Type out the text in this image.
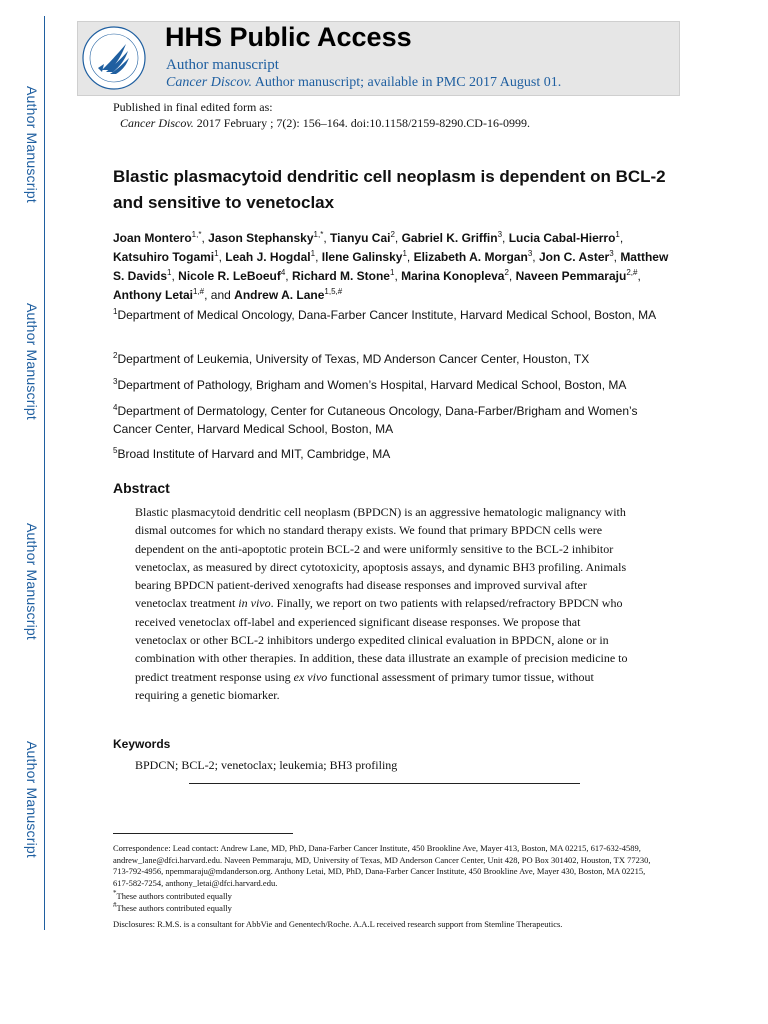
Author Manuscript
Author Manuscript
Author Manuscript
Author Manuscript
HHS Public Access
Author manuscript
Cancer Discov. Author manuscript; available in PMC 2017 August 01.
Published in final edited form as:
Cancer Discov. 2017 February ; 7(2): 156–164. doi:10.1158/2159-8290.CD-16-0999.
Blastic plasmacytoid dendritic cell neoplasm is dependent on BCL-2 and sensitive to venetoclax
Joan Montero$^{1,*}$, Jason Stephansky$^{1,*}$, Tianyu Cai$^2$, Gabriel K. Griffin$^3$, Lucia Cabal-Hierro$^1$, Katsuhiro Togami$^1$, Leah J. Hogdal$^1$, Ilene Galinsky$^1$, Elizabeth A. Morgan$^3$, Jon C. Aster$^3$, Matthew S. Davids$^1$, Nicole R. LeBoeuf$^4$, Richard M. Stone$^1$, Marina Konopleva$^2$, Naveen Pemmaraju$^{2,\#}$, Anthony Letai$^{1,\#}$, and Andrew A. Lane$^{1,5,\#}$
$^1$Department of Medical Oncology, Dana-Farber Cancer Institute, Harvard Medical School, Boston, MA
$^2$Department of Leukemia, University of Texas, MD Anderson Cancer Center, Houston, TX
$^3$Department of Pathology, Brigham and Women’s Hospital, Harvard Medical School, Boston, MA
$^4$Department of Dermatology, Center for Cutaneous Oncology, Dana-Farber/Brigham and Women’s Cancer Center, Harvard Medical School, Boston, MA
$^5$Broad Institute of Harvard and MIT, Cambridge, MA
Abstract
Blastic plasmacytoid dendritic cell neoplasm (BPDCN) is an aggressive hematologic malignancy with dismal outcomes for which no standard therapy exists. We found that primary BPDCN cells were dependent on the anti-apoptotic protein BCL-2 and were uniformly sensitive to the BCL-2 inhibitor venetoclax, as measured by direct cytotoxicity, apoptosis assays, and dynamic BH3 profiling. Animals bearing BPDCN patient-derived xenografts had disease responses and improved survival after venetoclax treatment in vivo. Finally, we report on two patients with relapsed/refractory BPDCN who received venetoclax off-label and experienced significant disease responses. We propose that venetoclax or other BCL-2 inhibitors undergo expedited clinical evaluation in BPDCN, alone or in combination with other therapies. In addition, these data illustrate an example of precision medicine to predict treatment response using ex vivo functional assessment of primary tumor tissue, without requiring a genetic biomarker.
Keywords
BPDCN; BCL-2; venetoclax; leukemia; BH3 profiling
Correspondence: Lead contact: Andrew Lane, MD, PhD, Dana-Farber Cancer Institute, 450 Brookline Ave, Mayer 413, Boston, MA 02215, 617-632-4589, andrew_lane@dfci.harvard.edu. Naveen Pemmaraju, MD, University of Texas, MD Anderson Cancer Center, Unit 428, PO Box 301402, Houston, TX 77230, 713-792-4956, npemmaraju@mdanderson.org. Anthony Letai, MD, PhD, Dana-Farber Cancer Institute, 450 Brookline Ave, Mayer 430, Boston, MA 02215, 617-582-7254, anthony_letai@dfci.harvard.edu.
*These authors contributed equally
#These authors contributed equally
Disclosures: R.M.S. is a consultant for AbbVie and Genentech/Roche. A.A.L received research support from Stemline Therapeutics.
